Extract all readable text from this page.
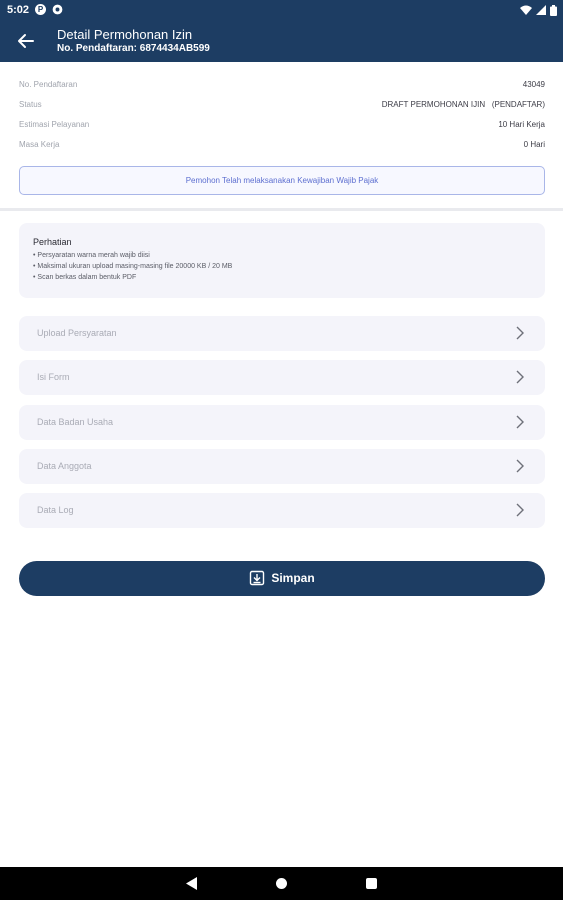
5:02	P
Detail Permohonan Izin
No. Pendaftaran: 6874434AB599
No. Pendaftaran	43049
Status	DRAFT PERMOHONAN IJIN   (PENDAFTAR)
Estimasi Pelayanan	10 Hari Kerja
Masa Kerja	0 Hari
Pemohon Telah melaksanakan Kewajiban Wajib Pajak
Perhatian
• Persyaratan warna merah wajib diisi
• Maksimal ukuran upload masing-masing file 20000 KB / 20 MB
• Scan berkas dalam bentuk PDF
Upload Persyaratan
Isi Form
Data Badan Usaha
Data Anggota
Data Log
Simpan
